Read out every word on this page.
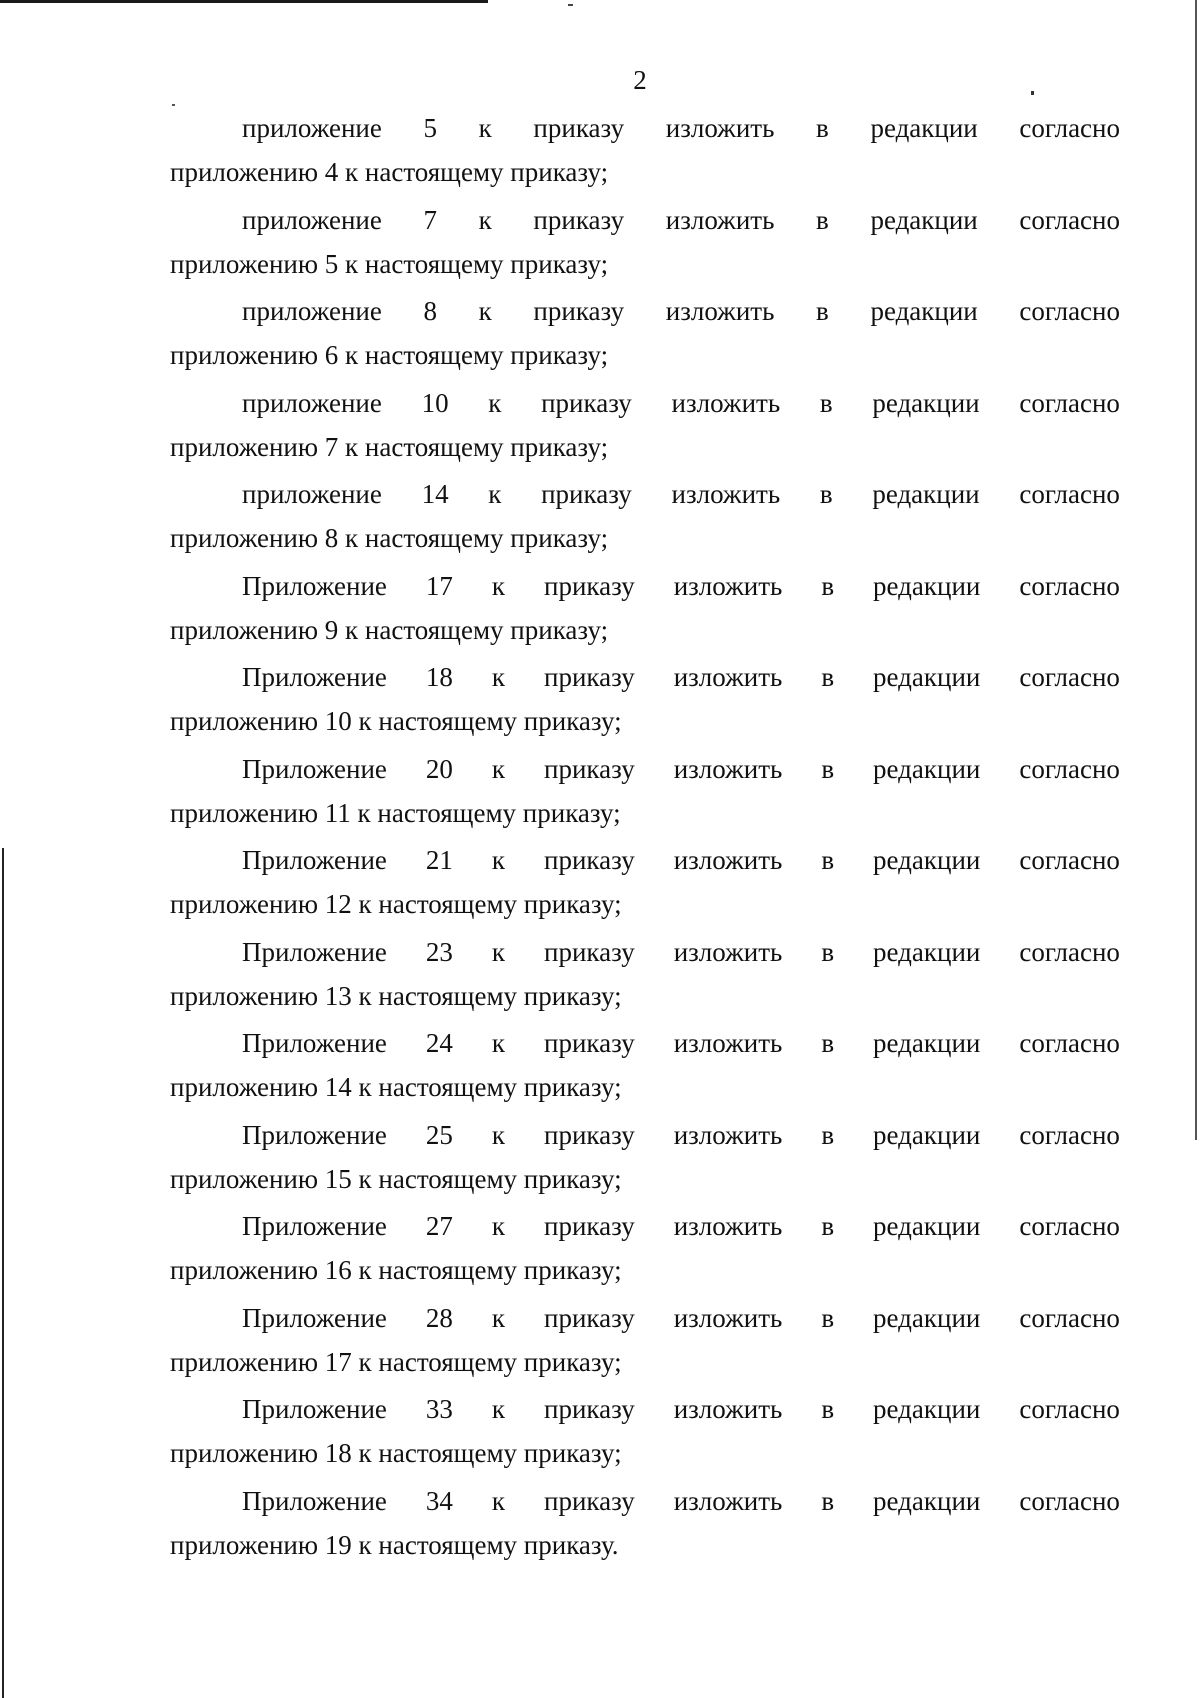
2
приложение 5 к приказу изложить в редакции согласно
приложению 4 к настоящему приказу;
приложение 7 к приказу изложить в редакции согласно
приложению 5 к настоящему приказу;
приложение 8 к приказу изложить в редакции согласно
приложению 6 к настоящему приказу;
приложение 10 к приказу изложить в редакции согласно
приложению 7 к настоящему приказу;
приложение 14 к приказу изложить в редакции согласно
приложению 8 к настоящему приказу;
Приложение 17 к приказу изложить в редакции согласно
приложению 9 к настоящему приказу;
Приложение 18 к приказу изложить в редакции согласно
приложению 10 к настоящему приказу;
Приложение 20 к приказу изложить в редакции согласно
приложению 11 к настоящему приказу;
Приложение 21 к приказу изложить в редакции согласно
приложению 12 к настоящему приказу;
Приложение 23 к приказу изложить в редакции согласно
приложению 13 к настоящему приказу;
Приложение 24 к приказу изложить в редакции согласно
приложению 14 к настоящему приказу;
Приложение 25 к приказу изложить в редакции согласно
приложению 15 к настоящему приказу;
Приложение 27 к приказу изложить в редакции согласно
приложению 16 к настоящему приказу;
Приложение 28 к приказу изложить в редакции согласно
приложению 17 к настоящему приказу;
Приложение 33 к приказу изложить в редакции согласно
приложению 18 к настоящему приказу;
Приложение 34 к приказу изложить в редакции согласно
приложению 19 к настоящему приказу.
